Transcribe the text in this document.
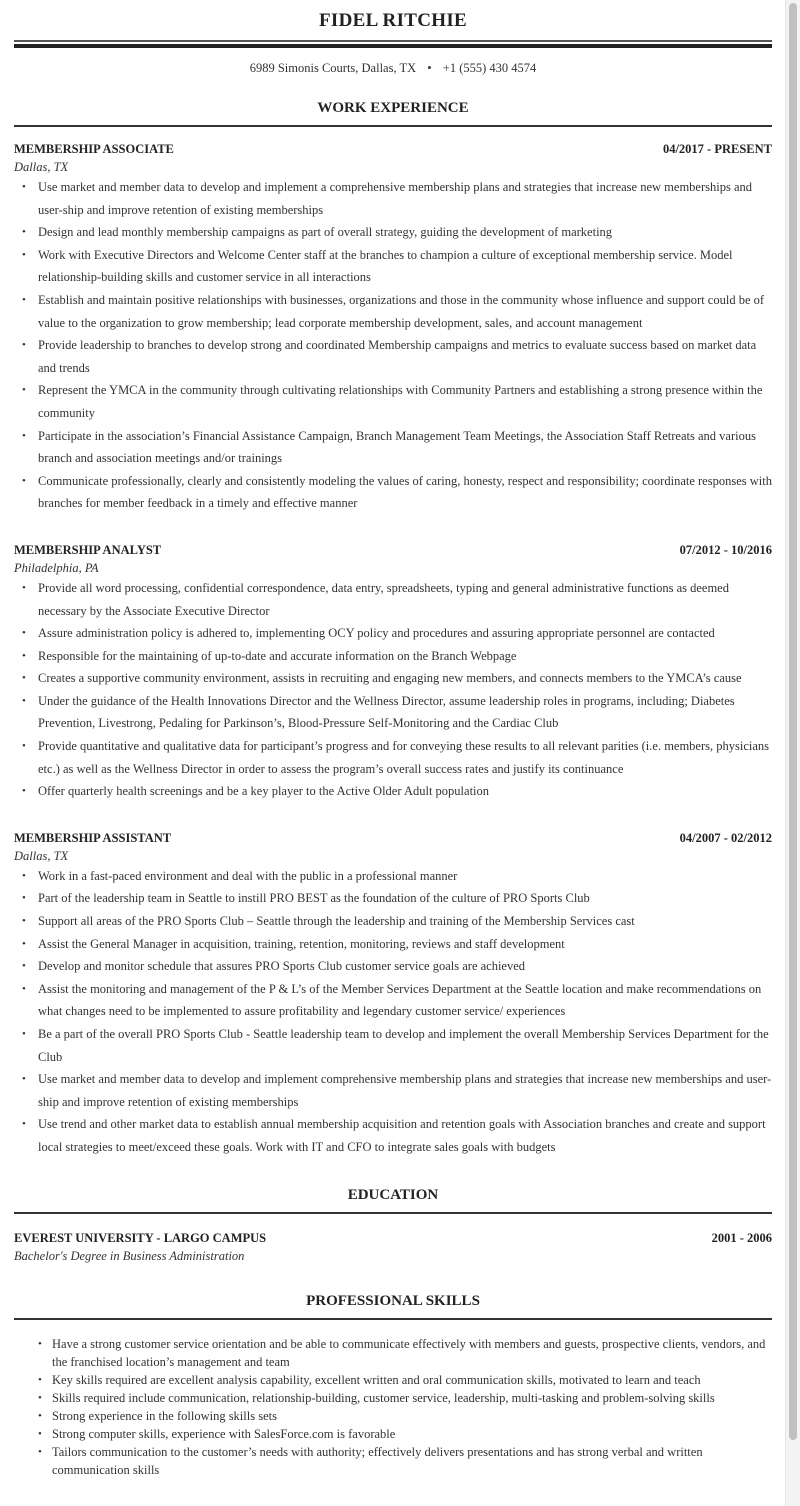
FIDEL RITCHIE
6989 Simonis Courts, Dallas, TX • +1 (555) 430 4574
WORK EXPERIENCE
MEMBERSHIP ASSOCIATE	04/2017 - PRESENT
Dallas, TX
• Use market and member data to develop and implement a comprehensive membership plans and strategies that increase new memberships and user-ship and improve retention of existing memberships
• Design and lead monthly membership campaigns as part of overall strategy, guiding the development of marketing
• Work with Executive Directors and Welcome Center staff at the branches to champion a culture of exceptional membership service. Model relationship-building skills and customer service in all interactions
• Establish and maintain positive relationships with businesses, organizations and those in the community whose influence and support could be of value to the organization to grow membership; lead corporate membership development, sales, and account management
• Provide leadership to branches to develop strong and coordinated Membership campaigns and metrics to evaluate success based on market data and trends
• Represent the YMCA in the community through cultivating relationships with Community Partners and establishing a strong presence within the community
• Participate in the association’s Financial Assistance Campaign, Branch Management Team Meetings, the Association Staff Retreats and various branch and association meetings and/or trainings
• Communicate professionally, clearly and consistently modeling the values of caring, honesty, respect and responsibility; coordinate responses with branches for member feedback in a timely and effective manner
MEMBERSHIP ANALYST	07/2012 - 10/2016
Philadelphia, PA
• Provide all word processing, confidential correspondence, data entry, spreadsheets, typing and general administrative functions as deemed necessary by the Associate Executive Director
• Assure administration policy is adhered to, implementing OCY policy and procedures and assuring appropriate personnel are contacted
• Responsible for the maintaining of up-to-date and accurate information on the Branch Webpage
• Creates a supportive community environment, assists in recruiting and engaging new members, and connects members to the YMCA’s cause
• Under the guidance of the Health Innovations Director and the Wellness Director, assume leadership roles in programs, including; Diabetes Prevention, Livestrong, Pedaling for Parkinson’s, Blood-Pressure Self-Monitoring and the Cardiac Club
• Provide quantitative and qualitative data for participant’s progress and for conveying these results to all relevant parities (i.e. members, physicians etc.) as well as the Wellness Director in order to assess the program’s overall success rates and justify its continuance
• Offer quarterly health screenings and be a key player to the Active Older Adult population
MEMBERSHIP ASSISTANT	04/2007 - 02/2012
Dallas, TX
• Work in a fast-paced environment and deal with the public in a professional manner
• Part of the leadership team in Seattle to instill PRO BEST as the foundation of the culture of PRO Sports Club
• Support all areas of the PRO Sports Club – Seattle through the leadership and training of the Membership Services cast
• Assist the General Manager in acquisition, training, retention, monitoring, reviews and staff development
• Develop and monitor schedule that assures PRO Sports Club customer service goals are achieved
• Assist the monitoring and management of the P & L’s of the Member Services Department at the Seattle location and make recommendations on what changes need to be implemented to assure profitability and legendary customer service/ experiences
• Be a part of the overall PRO Sports Club - Seattle leadership team to develop and implement the overall Membership Services Department for the Club
• Use market and member data to develop and implement comprehensive membership plans and strategies that increase new memberships and user-ship and improve retention of existing memberships
• Use trend and other market data to establish annual membership acquisition and retention goals with Association branches and create and support local strategies to meet/exceed these goals. Work with IT and CFO to integrate sales goals with budgets
EDUCATION
EVEREST UNIVERSITY - LARGO CAMPUS	2001 - 2006
Bachelor's Degree in Business Administration
PROFESSIONAL SKILLS
• Have a strong customer service orientation and be able to communicate effectively with members and guests, prospective clients, vendors, and the franchised location’s management and team
• Key skills required are excellent analysis capability, excellent written and oral communication skills, motivated to learn and teach
• Skills required include communication, relationship-building, customer service, leadership, multi-tasking and problem-solving skills
• Strong experience in the following skills sets
• Strong computer skills, experience with SalesForce.com is favorable
• Tailors communication to the customer’s needs with authority; effectively delivers presentations and has strong verbal and written communication skills
